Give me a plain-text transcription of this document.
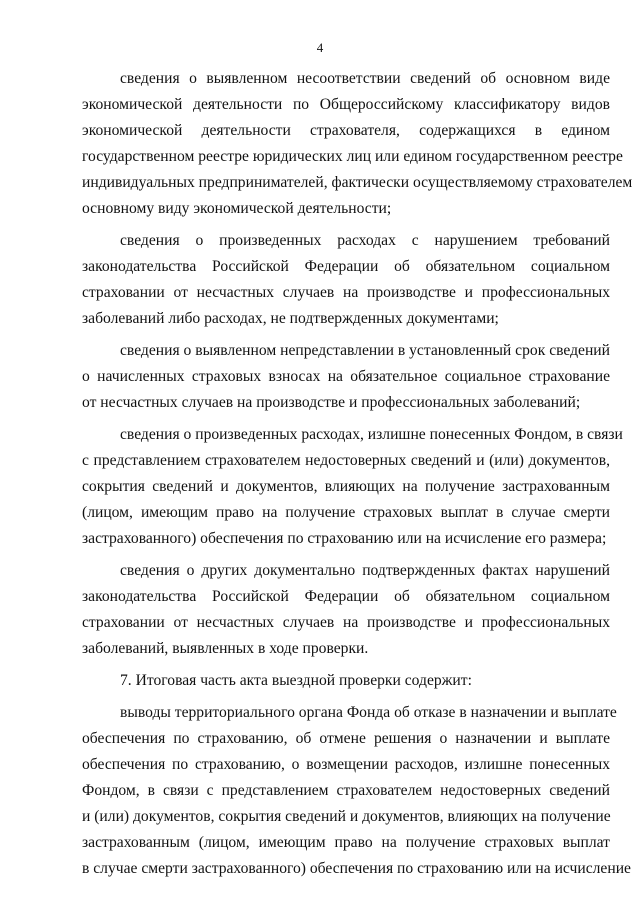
4
сведения о выявленном несоответствии сведений об основном виде
экономической деятельности по Общероссийскому классификатору видов
экономической деятельности страхователя, содержащихся в едином
государственном реестре юридических лиц или едином государственном реестре
индивидуальных предпринимателей, фактически осуществляемому страхователем
основному виду экономической деятельности;
сведения о произведенных расходах с нарушением требований
законодательства Российской Федерации об обязательном социальном
страховании от несчастных случаев на производстве и профессиональных
заболеваний либо расходах, не подтвержденных документами;
сведения о выявленном непредставлении в установленный срок сведений
о начисленных страховых взносах на обязательное социальное страхование
от несчастных случаев на производстве и профессиональных заболеваний;
сведения о произведенных расходах, излишне понесенных Фондом, в связи
с представлением страхователем недостоверных сведений и (или) документов,
сокрытия сведений и документов, влияющих на получение застрахованным
(лицом, имеющим право на получение страховых выплат в случае смерти
застрахованного) обеспечения по страхованию или на исчисление его размера;
сведения о других документально подтвержденных фактах нарушений
законодательства Российской Федерации об обязательном социальном
страховании от несчастных случаев на производстве и профессиональных
заболеваний, выявленных в ходе проверки.
7. Итоговая часть акта выездной проверки содержит:
выводы территориального органа Фонда об отказе в назначении и выплате
обеспечения по страхованию, об отмене решения о назначении и выплате
обеспечения по страхованию, о возмещении расходов, излишне понесенных
Фондом, в связи с представлением страхователем недостоверных сведений
и (или) документов, сокрытия сведений и документов, влияющих на получение
застрахованным (лицом, имеющим право на получение страховых выплат
в случае смерти застрахованного) обеспечения по страхованию или на исчисление
